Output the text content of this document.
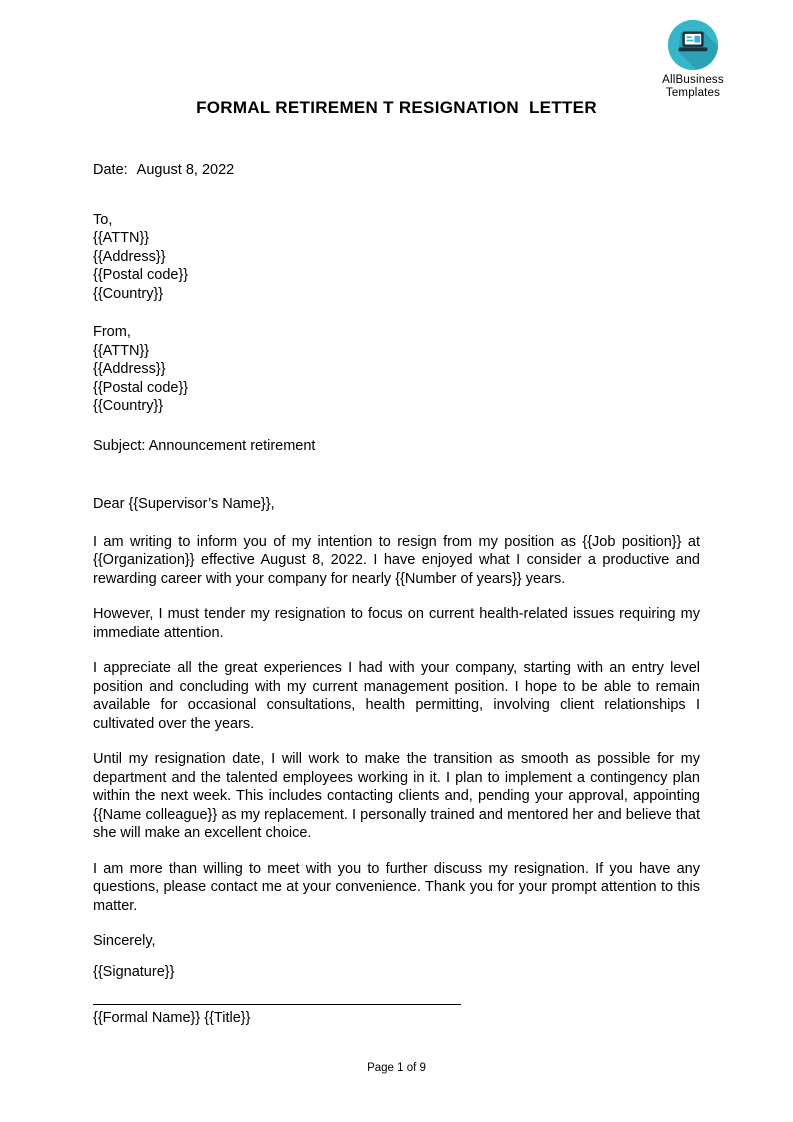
AllBusiness
Templates
FORMAL RETIREMEN T RESIGNATION  LETTER
Date: August 8, 2022
To,
{{ATTN}}
{{Address}}
{{Postal code}}
{{Country}}
From,
{{ATTN}}
{{Address}}
{{Postal code}}
{{Country}}
Subject: Announcement retirement
Dear {{Supervisor’s Name}},

I am writing to inform you of my intention to resign from my position as {{Job position}} at {{Organization}} effective August 8, 2022. I have enjoyed what I consider a productive and rewarding career with your company for nearly {{Number of years}} years.

However, I must tender my resignation to focus on current health-related issues requiring my immediate attention.

I appreciate all the great experiences I had with your company, starting with an entry level position and concluding with my current management position. I hope to be able to remain available for occasional consultations, health permitting, involving client relationships I cultivated over the years.

Until my resignation date, I will work to make the transition as smooth as possible for my department and the talented employees working in it. I plan to implement a contingency plan within the next week. This includes contacting clients and, pending your approval, appointing {{Name colleague}} as my replacement. I personally trained and mentored her and believe that she will make an excellent choice.

I am more than willing to meet with you to further discuss my resignation. If you have any questions, please contact me at your convenience. Thank you for your prompt attention to this matter.

Sincerely,
{{Signature}}
{{Formal Name}} {{Title}}
Page 1 of 9
